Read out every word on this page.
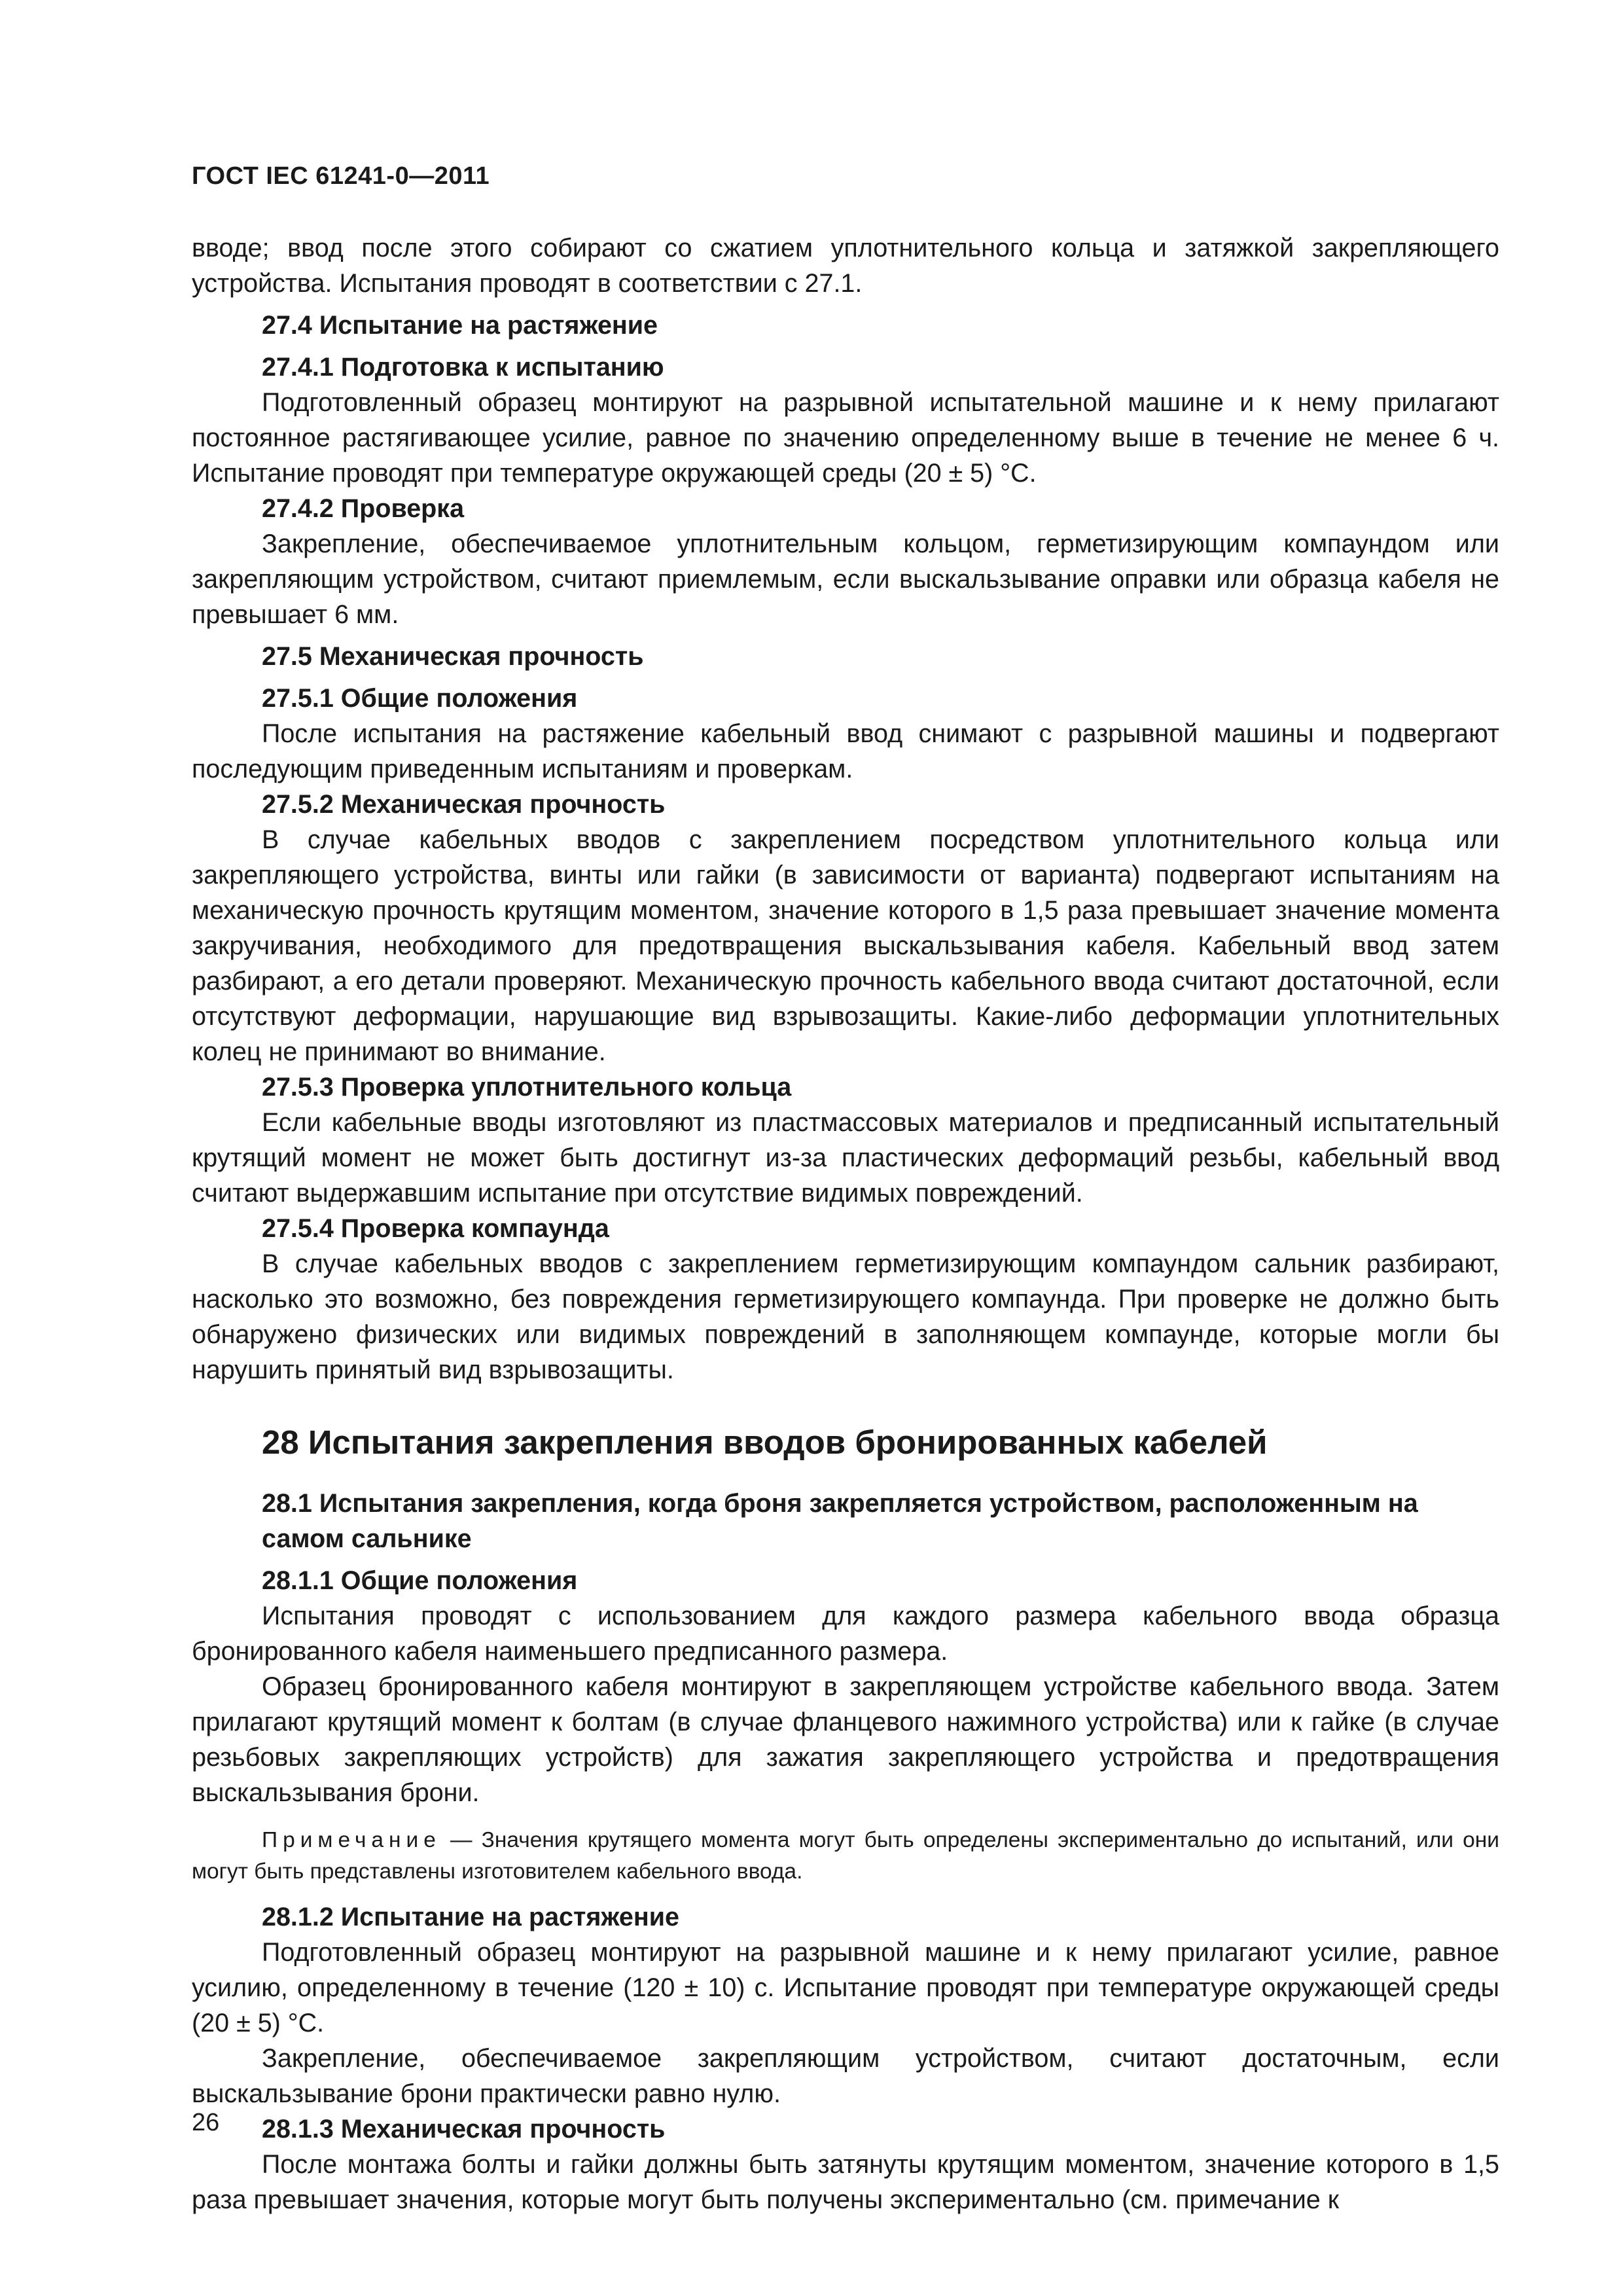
ГОСТ IEC 61241-0—2011

вводе; ввод после этого собирают со сжатием уплотнительного кольца и затяжкой закрепляющего устройства. Испытания проводят в соответствии с 27.1.

27.4 Испытание на растяжение
27.4.1 Подготовка к испытанию

Подготовленный образец монтируют на разрывной испытательной машине и к нему прилагают постоянное растягивающее усилие, равное по значению определенному выше в течение не менее 6 ч. Испытание проводят при температуре окружающей среды (20 ± 5) °С.

27.4.2 Проверка

Закрепление, обеспечиваемое уплотнительным кольцом, герметизирующим компаундом или закрепляющим устройством, считают приемлемым, если выскальзывание оправки или образца кабеля не превышает 6 мм.

27.5 Механическая прочность
27.5.1 Общие положения

После испытания на растяжение кабельный ввод снимают с разрывной машины и подвергают последующим приведенным испытаниям и проверкам.

27.5.2 Механическая прочность

В случае кабельных вводов с закреплением посредством уплотнительного кольца или закрепляющего устройства, винты или гайки (в зависимости от варианта) подвергают испытаниям на механическую прочность крутящим моментом, значение которого в 1,5 раза превышает значение момента закручивания, необходимого для предотвращения выскальзывания кабеля. Кабельный ввод затем разбирают, а его детали проверяют. Механическую прочность кабельного ввода считают достаточной, если отсутствуют деформации, нарушающие вид взрывозащиты. Какие-либо деформации уплотнительных колец не принимают во внимание.

27.5.3 Проверка уплотнительного кольца

Если кабельные вводы изготовляют из пластмассовых материалов и предписанный испытательный крутящий момент не может быть достигнут из-за пластических деформаций резьбы, кабельный ввод считают выдержавшим испытание при отсутствие видимых повреждений.

27.5.4 Проверка компаунда

В случае кабельных вводов с закреплением герметизирующим компаундом сальник разбирают, насколько это возможно, без повреждения герметизирующего компаунда. При проверке не должно быть обнаружено физических или видимых повреждений в заполняющем компаунде, которые могли бы нарушить принятый вид взрывозащиты.

28 Испытания закрепления вводов бронированных кабелей
28.1 Испытания закрепления, когда броня закрепляется устройством, расположенным на самом сальнике
28.1.1 Общие положения

Испытания проводят с использованием для каждого размера кабельного ввода образца бронированного кабеля наименьшего предписанного размера.

Образец бронированного кабеля монтируют в закрепляющем устройстве кабельного ввода. Затем прилагают крутящий момент к болтам (в случае фланцевого нажимного устройства) или к гайке (в случае резьбовых закрепляющих устройств) для зажатия закрепляющего устройства и предотвращения выскальзывания брони.

Примечание — Значения крутящего момента могут быть определены экспериментально до испытаний, или они могут быть представлены изготовителем кабельного ввода.

28.1.2 Испытание на растяжение

Подготовленный образец монтируют на разрывной машине и к нему прилагают усилие, равное усилию, определенному в течение (120 ± 10) с. Испытание проводят при температуре окружающей среды (20 ± 5) °С.

Закрепление, обеспечиваемое закрепляющим устройством, считают достаточным, если выскальзывание брони практически равно нулю.

28.1.3 Механическая прочность

После монтажа болты и гайки должны быть затянуты крутящим моментом, значение которого в 1,5 раза превышает значения, которые могут быть получены экспериментально (см. примечание к

26
